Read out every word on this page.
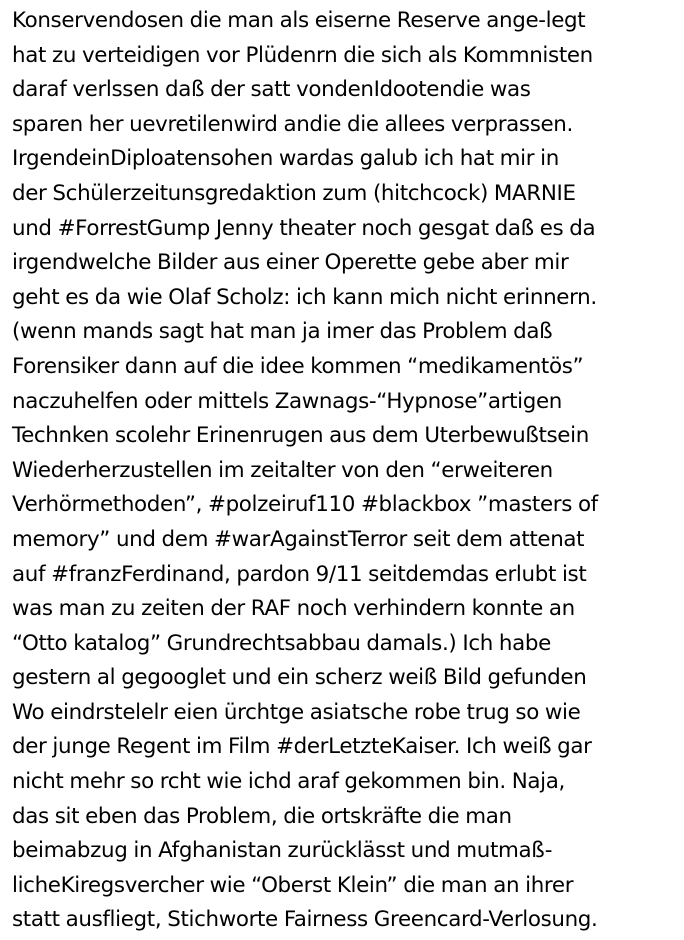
Konservendosen die man als eiserne Reserve ange-legt
hat zu verteidigen vor Plüdenrn die sich als Kommnisten
daraf verlssen daß der satt vondenIdootendie was
sparen her uevretilenwird andie die allees verprassen.
IrgendeinDiploatensohen wardas galub ich hat mir in
der Schülerzeitunsgredaktion zum (hitchcock) MARNIE
und #ForrestGump Jenny theater noch gesgat daß es da
irgendwelche Bilder aus einer Operette gebe aber mir
geht es da wie Olaf Scholz: ich kann mich nicht erinnern.
(wenn mands sagt hat man ja imer das Problem daß
Forensiker dann auf die idee kommen “medikamentös”
naczuhelfen oder mittels Zawnags-“Hypnose”artigen
Technken scolehr Erinenrugen aus dem Uterbewußtsein
Wiederherzustellen im zeitalter von den “erweiteren
Verhörmethoden”, #polzeiruf110 #blackbox ”masters of
memory” und dem #warAgainstTerror seit dem attenat
auf #franzFerdinand, pardon 9/11 seitdemdas erlubt ist
was man zu zeiten der RAF noch verhindern konnte an
“Otto katalog” Grundrechtsabbau damals.) Ich habe
gestern al gegooglet und ein scherz weiß Bild gefunden
Wo eindrstelelr eien ürchtge asiatsche robe trug so wie
der junge Regent im Film #derLetzteKaiser. Ich weiß gar
nicht mehr so rcht wie ichd araf gekommen bin. Naja,
das sit eben das Problem, die ortskräfte die man
beimabzug in Afghanistan zurücklässt und mutmaß-
licheKiregsvercher wie “Oberst Klein” die man an ihrer
statt ausfliegt, Stichworte Fairness Greencard-Verlosung.
